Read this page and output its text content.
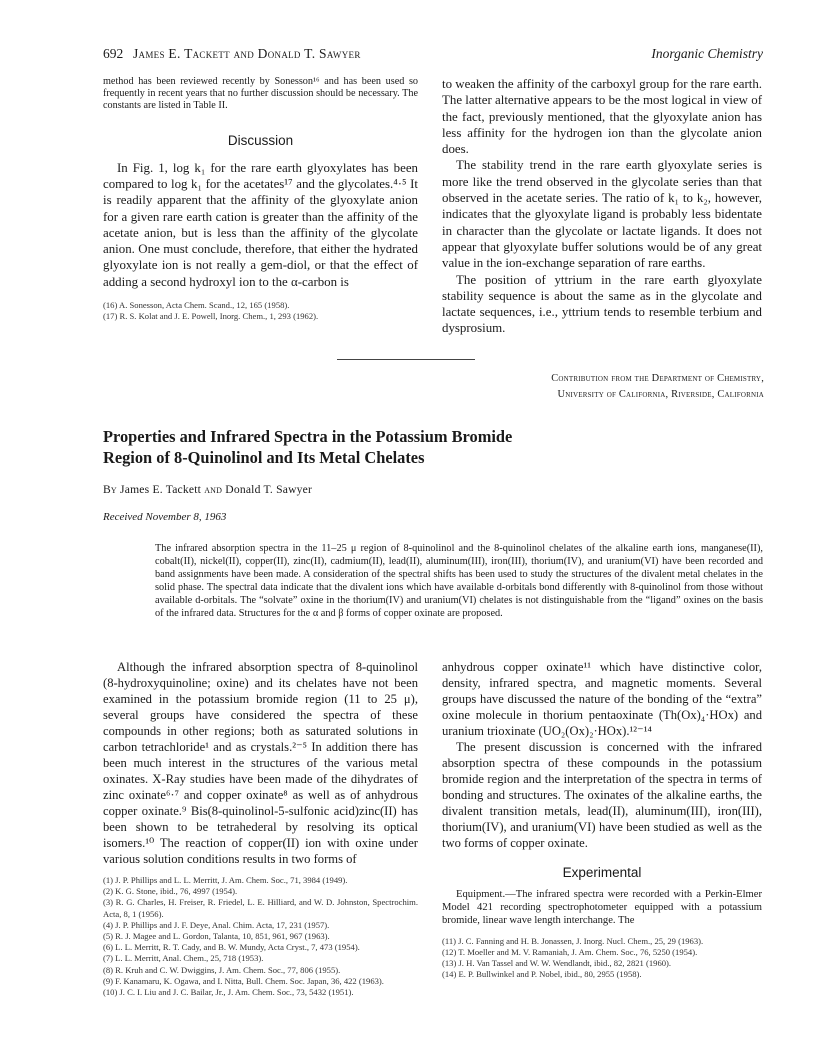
692 James E. Tackett and Donald T. Sawyer	Inorganic Chemistry

method has been reviewed recently by Sonesson¹⁶ and has been used so frequently in recent years that no further discussion should be necessary. The constants are listed in Table II.

Discussion

In Fig. 1, log k₁ for the rare earth glyoxylates has been compared to log k₁ for the acetates¹⁷ and the glycolates.⁴·⁵ It is readily apparent that the affinity of the glyoxylate anion for a given rare earth cation is greater than the affinity of the acetate anion, but is less than the affinity of the glycolate anion. One must conclude, therefore, that either the hydrated glyoxylate ion is not really a gem-diol, or that the effect of adding a second hydroxyl ion to the α-carbon is

(16) A. Sonesson, Acta Chem. Scand., 12, 165 (1958).
(17) R. S. Kolat and J. E. Powell, Inorg. Chem., 1, 293 (1962).

to weaken the affinity of the carboxyl group for the rare earth. The latter alternative appears to be the most logical in view of the fact, previously mentioned, that the glyoxylate anion has less affinity for the hydrogen ion than the glycolate anion does.

The stability trend in the rare earth glyoxylate series is more like the trend observed in the glycolate series than that observed in the acetate series. The ratio of k₁ to k₂, however, indicates that the glyoxylate ligand is probably less bidentate in character than the glycolate or lactate ligands. It does not appear that glyoxylate buffer solutions would be of any great value in the ion-exchange separation of rare earths.

The position of yttrium in the rare earth glyoxylate stability sequence is about the same as in the glycolate and lactate sequences, i.e., yttrium tends to resemble terbium and dysprosium.

Contribution from the Department of Chemistry,
University of California, Riverside, California
Properties and Infrared Spectra in the Potassium Bromide
Region of 8-Quinolinol and Its Metal Chelates
By James E. Tackett and Donald T. Sawyer
Received November 8, 1963
The infrared absorption spectra in the 11–25 μ region of 8-quinolinol and the 8-quinolinol chelates of the alkaline earth ions, manganese(II), cobalt(II), nickel(II), copper(II), zinc(II), cadmium(II), lead(II), aluminum(III), iron(III), thorium(IV), and uranium(VI) have been recorded and band assignments have been made. A consideration of the spectral shifts has been used to study the structures of the divalent metal chelates in the solid phase. The spectral data indicate that the divalent ions which have available d-orbitals bond differently with 8-quinolinol from those without available d-orbitals. The “solvate” oxine in the thorium(IV) and uranium(VI) chelates is not distinguishable from the “ligand” oxines on the basis of the infrared data. Structures for the α and β forms of copper oxinate are proposed.

Although the infrared absorption spectra of 8-quinolinol (8-hydroxyquinoline; oxine) and its chelates have not been examined in the potassium bromide region (11 to 25 μ), several groups have considered the spectra of these compounds in other regions; both as saturated solutions in carbon tetrachloride¹ and as crystals.²⁻⁵ In addition there has been much interest in the structures of the various metal oxinates. X-Ray studies have been made of the dihydrates of zinc oxinate⁶·⁷ and copper oxinate⁸ as well as of anhydrous copper oxinate.⁹ Bis(8-quinolinol-5-sulfonic acid)zinc(II) has been shown to be tetrahederal by resolving its optical isomers.¹⁰ The reaction of copper(II) ion with oxine under various solution conditions results in two forms of

(1) J. P. Phillips and L. L. Merritt, J. Am. Chem. Soc., 71, 3984 (1949).
(2) K. G. Stone, ibid., 76, 4997 (1954).
(3) R. G. Charles, H. Freiser, R. Friedel, L. E. Hilliard, and W. D. Johnston, Spectrochim. Acta, 8, 1 (1956).
(4) J. P. Phillips and J. F. Deye, Anal. Chim. Acta, 17, 231 (1957).
(5) R. J. Magee and L. Gordon, Talanta, 10, 851, 961, 967 (1963).
(6) L. L. Merritt, R. T. Cady, and B. W. Mundy, Acta Cryst., 7, 473 (1954).
(7) L. L. Merritt, Anal. Chem., 25, 718 (1953).
(8) R. Kruh and C. W. Dwiggins, J. Am. Chem. Soc., 77, 806 (1955).
(9) F. Kanamaru, K. Ogawa, and I. Nitta, Bull. Chem. Soc. Japan, 36, 422 (1963).
(10) J. C. I. Liu and J. C. Bailar, Jr., J. Am. Chem. Soc., 73, 5432 (1951).

anhydrous copper oxinate¹¹ which have distinctive color, density, infrared spectra, and magnetic moments. Several groups have discussed the nature of the bonding of the “extra” oxine molecule in thorium pentaoxinate (Th(Ox)₄·HOx) and uranium trioxinate (UO₂(Ox)₂·HOx).¹²⁻¹⁴

The present discussion is concerned with the infrared absorption spectra of these compounds in the potassium bromide region and the interpretation of the spectra in terms of bonding and structures. The oxinates of the alkaline earths, the divalent transition metals, lead(II), aluminum(III), iron(III), thorium(IV), and uranium(VI) have been studied as well as the two forms of copper oxinate.

Experimental

Equipment.—The infrared spectra were recorded with a Perkin-Elmer Model 421 recording spectrophotometer equipped with a potassium bromide, linear wave length interchange. The

(11) J. C. Fanning and H. B. Jonassen, J. Inorg. Nucl. Chem., 25, 29 (1963).
(12) T. Moeller and M. V. Ramaniah, J. Am. Chem. Soc., 76, 5250 (1954).
(13) J. H. Van Tassel and W. W. Wendlandt, ibid., 82, 2821 (1960).
(14) E. P. Bullwinkel and P. Nobel, ibid., 80, 2955 (1958).
